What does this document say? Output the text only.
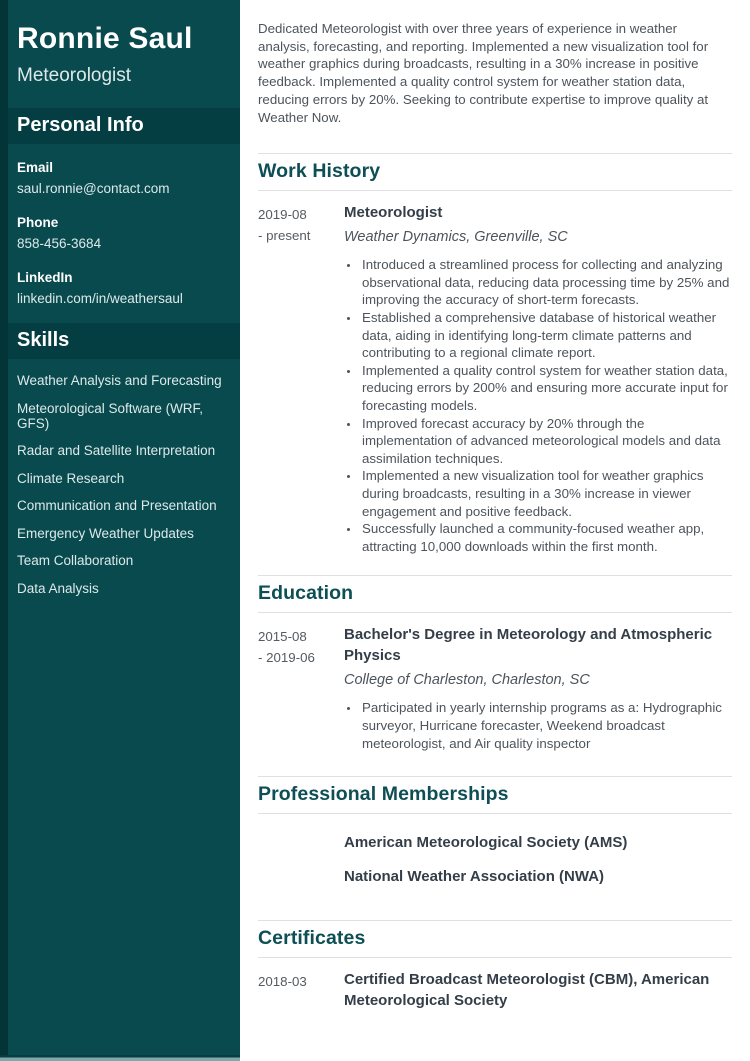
Ronnie Saul
Meteorologist
Personal Info
Email
saul.ronnie@contact.com
Phone
858-456-3684
LinkedIn
linkedin.com/in/weathersaul
Skills
Weather Analysis and Forecasting
Meteorological Software (WRF, GFS)
Radar and Satellite Interpretation
Climate Research
Communication and Presentation
Emergency Weather Updates
Team Collaboration
Data Analysis

Dedicated Meteorologist with over three years of experience in weather analysis, forecasting, and reporting. Implemented a new visualization tool for weather graphics during broadcasts, resulting in a 30% increase in positive feedback. Implemented a quality control system for weather station data, reducing errors by 20%. Seeking to contribute expertise to improve quality at Weather Now.

Work History
2019-08
- present
Meteorologist
Weather Dynamics, Greenville, SC
• Introduced a streamlined process for collecting and analyzing observational data, reducing data processing time by 25% and improving the accuracy of short-term forecasts.
• Established a comprehensive database of historical weather data, aiding in identifying long-term climate patterns and contributing to a regional climate report.
• Implemented a quality control system for weather station data, reducing errors by 200% and ensuring more accurate input for forecasting models.
• Improved forecast accuracy by 20% through the implementation of advanced meteorological models and data assimilation techniques.
• Implemented a new visualization tool for weather graphics during broadcasts, resulting in a 30% increase in viewer engagement and positive feedback.
• Successfully launched a community-focused weather app, attracting 10,000 downloads within the first month.
Education
2015-08
- 2019-06
Bachelor's Degree in Meteorology and Atmospheric Physics
College of Charleston, Charleston, SC
• Participated in yearly internship programs as a: Hydrographic surveyor, Hurricane forecaster, Weekend broadcast meteorologist, and Air quality inspector
Professional Memberships
American Meteorological Society (AMS)
National Weather Association (NWA)
Certificates
2018-03	Certified Broadcast Meteorologist (CBM), American Meteorological Society
